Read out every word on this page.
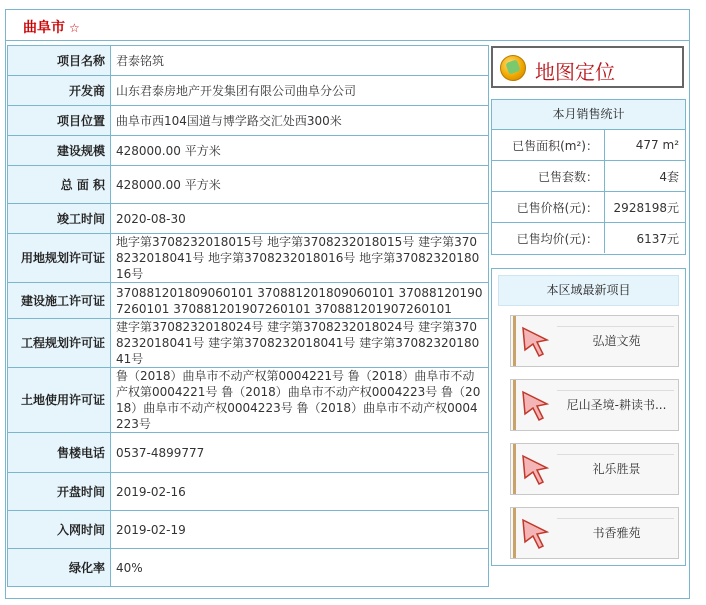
曲阜市 ☆
项目名称	君泰铭筑
开发商	山东君泰房地产开发集团有限公司曲阜分公司
项目位置	曲阜市西104国道与博学路交汇处西300米
建设规模	428000.00 平方米
总 面 积	428000.00 平方米
竣工时间	2020-08-30
用地规划许可证	地字第3708232018015号 地字第3708232018015号 建字第3708232018041号 地字第3708232018016号 地字第3708232018016号
建设施工许可证	370881201809060101 370881201809060101 370881201907260101 370881201907260101 370881201907260101
工程规划许可证	建字第3708232018024号 建字第3708232018024号 建字第3708232018041号 建字第3708232018041号 建字第3708232018041号
土地使用许可证	鲁（2018）曲阜市不动产权第0004221号 鲁（2018）曲阜市不动产权第0004221号 鲁（2018）曲阜市不动产权0004223号 鲁（2018）曲阜市不动产权0004223号 鲁（2018）曲阜市不动产权0004223号
售楼电话	0537-4899777
开盘时间	2019-02-16
入网时间	2019-02-19
绿化率	40%
地图定位
本月销售统计
已售面积(m²)：	477 m²
已售套数：	4套
已售价格(元)：	2928198元
已售均价(元)：	6137元
本区域最新项目
弘道文苑
尼山圣境-耕读书...
礼乐胜景
书香雅苑
